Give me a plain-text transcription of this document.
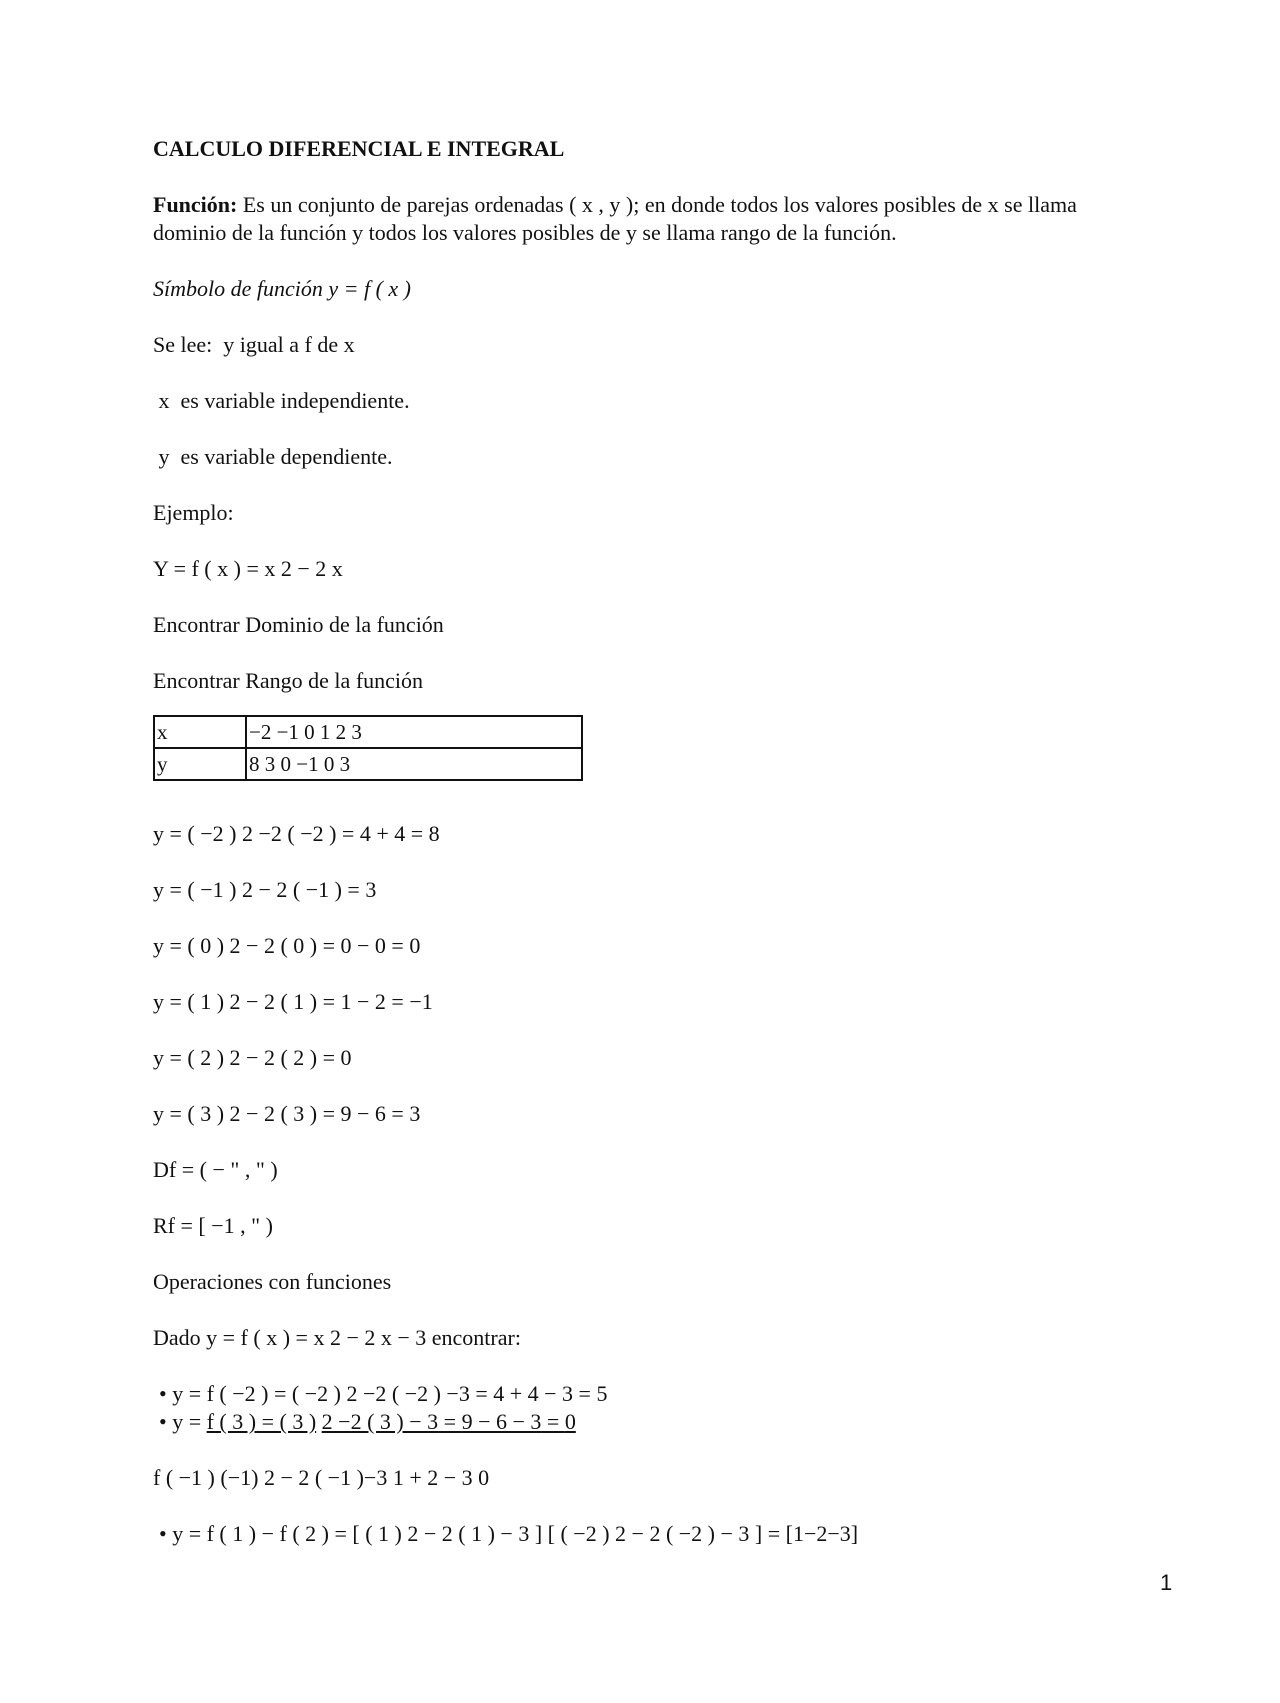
CALCULO DIFERENCIAL E INTEGRAL
Función: Es un conjunto de parejas ordenadas ( x , y ); en donde todos los valores posibles de x se llama dominio de la función y todos los valores posibles de y se llama rango de la función.
Símbolo de función y = f ( x )
Se lee:  y igual a f de x
x  es variable independiente.
y  es variable dependiente.
Ejemplo:
Y = f ( x ) = x 2 − 2 x
Encontrar Dominio de la función
Encontrar Rango de la función
x	−2 −1 0 1 2 3
y	8 3 0 −1 0 3
y = ( −2 ) 2 −2 ( −2 ) = 4 + 4 = 8
y = ( −1 ) 2 − 2 ( −1 ) = 3
y = ( 0 ) 2 − 2 ( 0 ) = 0 − 0 = 0
y = ( 1 ) 2 − 2 ( 1 ) = 1 − 2 = −1
y = ( 2 ) 2 − 2 ( 2 ) = 0
y = ( 3 ) 2 − 2 ( 3 ) = 9 − 6 = 3
Df = ( − " , " )
Rf = [ −1 , " )
Operaciones con funciones
Dado y = f ( x ) = x 2 − 2 x − 3 encontrar:
• y = f ( −2 ) = ( −2 ) 2 −2 ( −2 ) −3 = 4 + 4 − 3 = 5
• y = f ( 3 ) = ( 3 ) 2 −2 ( 3 ) − 3 = 9 − 6 − 3 = 0
f ( −1 ) (−1) 2 − 2 ( −1 )−3 1 + 2 − 3 0
• y = f ( 1 ) − f ( 2 ) = [ ( 1 ) 2 − 2 ( 1 ) − 3 ] [ ( −2 ) 2 − 2 ( −2 ) − 3 ] = [1−2−3]
1
